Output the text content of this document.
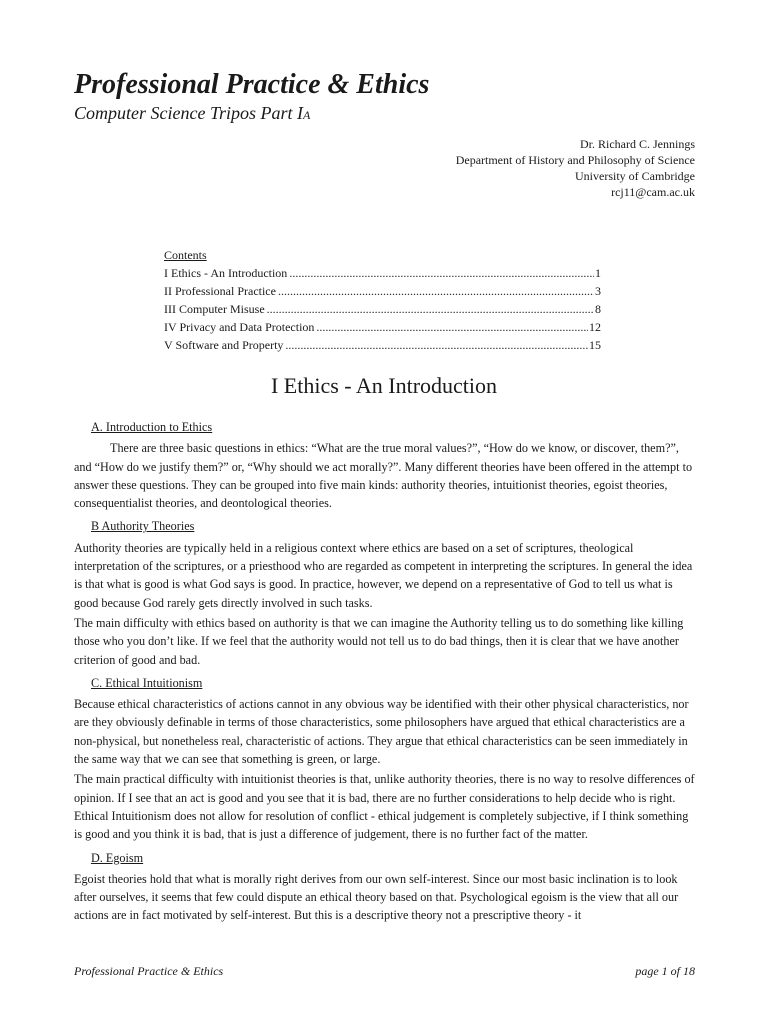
Professional Practice & Ethics
Computer Science Tripos Part IA
Dr. Richard C. Jennings
Department of History and Philosophy of Science
University of Cambridge
rcj11@cam.ac.uk
Contents
I Ethics - An Introduction .....	1
II Professional Practice .....	3
III Computer Misuse .....	8
IV Privacy and Data Protection .....	12
V Software and Property .....	15
I Ethics - An Introduction
A. Introduction to Ethics

There are three basic questions in ethics: “What are the true moral values?”, “How do we know, or discover, them?”, and “How do we justify them?” or, “Why should we act morally?”. Many different theories have been offered in the attempt to answer these questions. They can be grouped into five main kinds: authority theories, intuitionist theories, egoist theories, consequentialist theories, and deontological theories.

B Authority Theories

Authority theories are typically held in a religious context where ethics are based on a set of scriptures, theological interpretation of the scriptures, or a priesthood who are regarded as competent in interpreting the scriptures. In general the idea is that what is good is what God says is good. In practice, however, we depend on a representative of God to tell us what is good because God rarely gets directly involved in such tasks.

The main difficulty with ethics based on authority is that we can imagine the Authority telling us to do something like killing those who you don’t like. If we feel that the authority would not tell us to do bad things, then it is clear that we have another criterion of good and bad.

C. Ethical Intuitionism

Because ethical characteristics of actions cannot in any obvious way be identified with their other physical characteristics, nor are they obviously definable in terms of those characteristics, some philosophers have argued that ethical characteristics are a non-physical, but nonetheless real, characteristic of actions. They argue that ethical characteristics can be seen immediately in the same way that we can see that something is green, or large.

The main practical difficulty with intuitionist theories is that, unlike authority theories, there is no way to resolve differences of opinion. If I see that an act is good and you see that it is bad, there are no further considerations to help decide who is right. Ethical Intuitionism does not allow for resolution of conflict - ethical judgement is completely subjective, if I think something is good and you think it is bad, that is just a difference of judgement, there is no further fact of the matter.

D. Egoism

Egoist theories hold that what is morally right derives from our own self-interest. Since our most basic inclination is to look after ourselves, it seems that few could dispute an ethical theory based on that. Psychological egoism is the view that all our actions are in fact motivated by self-interest. But this is a descriptive theory not a prescriptive theory - it

Professional Practice & Ethics	page 1 of 18
